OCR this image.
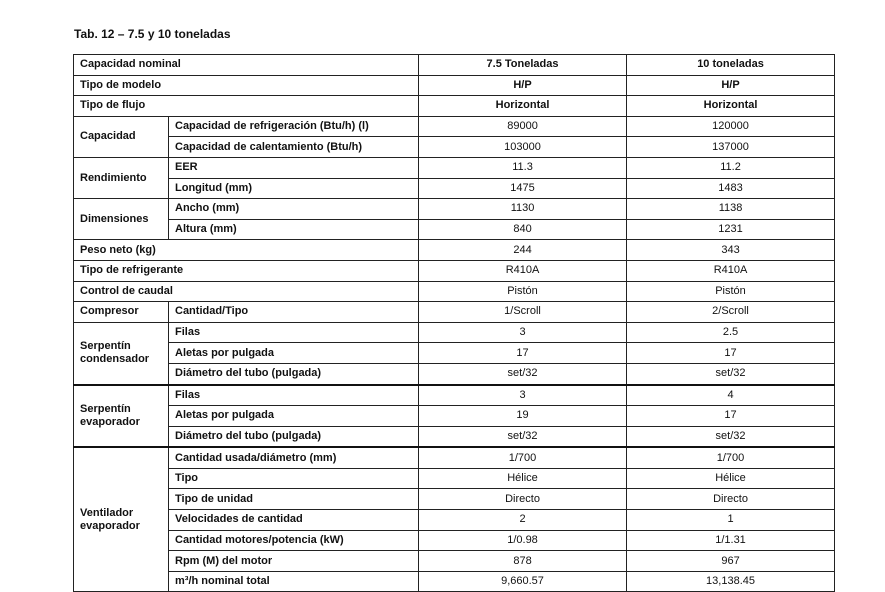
Tab. 12 – 7.5 y 10 toneladas
Capacidad nominal		7.5 Toneladas	10 toneladas
Tipo de modelo		H/P	H/P
Tipo de flujo		Horizontal	Horizontal
Capacidad	Capacidad de refrigeración (Btu/h) (l)	89000	120000
	Capacidad de calentamiento (Btu/h)	103000	137000
Rendimiento	EER	11.3	11.2
	Longitud (mm)	1475	1483
Dimensiones	Ancho (mm)	1130	1138
	Altura (mm)	840	1231
Peso neto (kg)		244	343
Tipo de refrigerante		R410A	R410A
Control de caudal		Pistón	Pistón
Compresor	Cantidad/Tipo	1/Scroll	2/Scroll
Serpentín condensador	Filas	3	2.5
	Aletas por pulgada	17	17
	Diámetro del tubo (pulgada)	set/32	set/32
Serpentín evaporador	Filas	3	4
	Aletas por pulgada	19	17
	Diámetro del tubo (pulgada)	set/32	set/32
Ventilador evaporador	Cantidad usada/diámetro (mm)	1/700	1/700
	Tipo	Hélice	Hélice
	Tipo de unidad	Directo	Directo
	Velocidades de cantidad	2	1
	Cantidad motores/potencia (kW)	1/0.98	1/1.31
	Rpm (M) del motor	878	967
	m³/h nominal total	9,660.57	13,138.45
